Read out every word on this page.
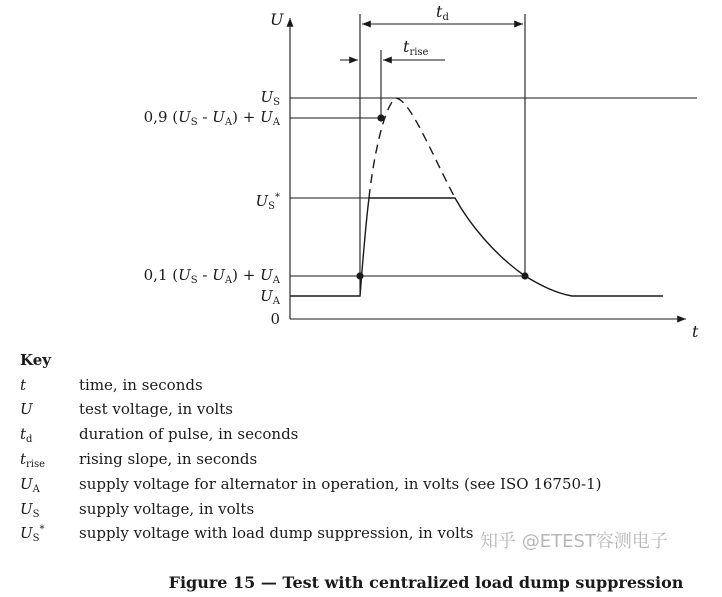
U
t
$t_d$
$t_{rise}$
$U_S$
0,9 $(U_S - U_A) + U_A$
$U_S^*$
0,1 $(U_S - U_A) + U_A$
$U_A$
0
Key
t	time, in seconds
U	test voltage, in volts
$t_d$	duration of pulse, in seconds
$t_{rise}$	rising slope, in seconds
$U_A$	supply voltage for alternator in operation, in volts (see ISO 16750-1)
$U_S$	supply voltage, in volts
$U_S^*$	supply voltage with load dump suppression, in volts 知乎 @ETEST容测电子
Figure 15 — Test with centralized load dump suppression
